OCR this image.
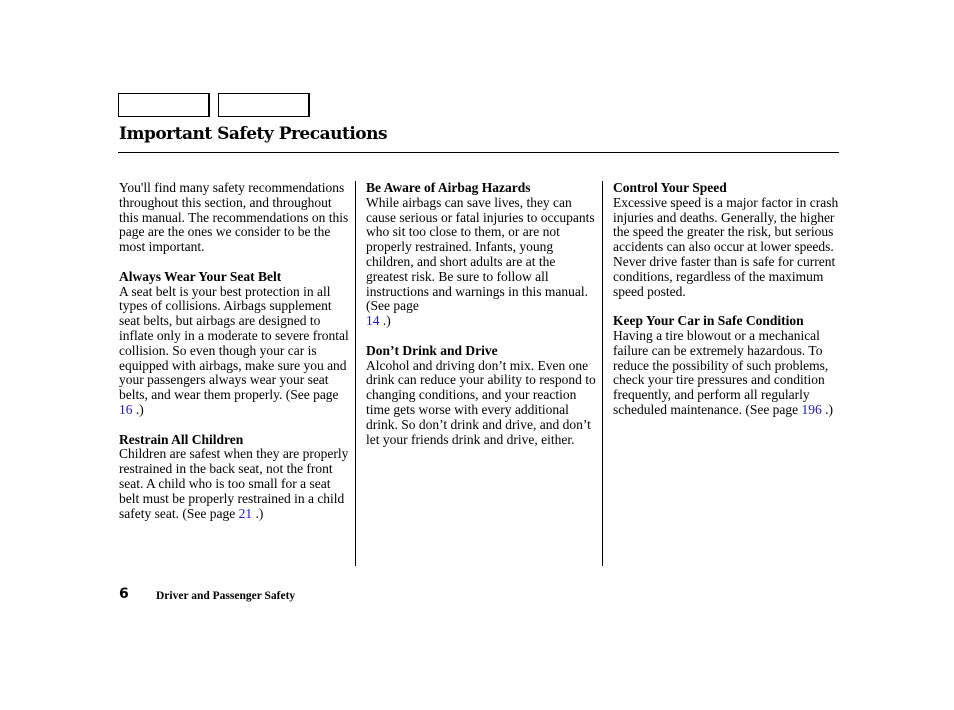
Important Safety Precautions

You'll find many safety recommendations throughout this section, and throughout this manual. The recommendations on this page are the ones we consider to be the most important.

Always Wear Your Seat Belt

A seat belt is your best protection in all types of collisions. Airbags supplement seat belts, but airbags are designed to inflate only in a moderate to severe frontal collision. So even though your car is equipped with airbags, make sure you and your passengers always wear your seat belts, and wear them properly. (See page 16 .)

Restrain All Children

Children are safest when they are properly restrained in the back seat, not the front seat. A child who is too small for a seat belt must be properly restrained in a child safety seat. (See page 21 .)

Be Aware of Airbag Hazards

While airbags can save lives, they can cause serious or fatal injuries to occupants who sit too close to them, or are not properly restrained. Infants, young children, and short adults are at the greatest risk. Be sure to follow all instructions and warnings in this manual. (See page
14 .)

Don’t Drink and Drive

Alcohol and driving don’t mix. Even one drink can reduce your ability to respond to changing conditions, and your reaction time gets worse with every additional drink. So don’t drink and drive, and don’t let your friends drink and drive, either.

Control Your Speed

Excessive speed is a major factor in crash injuries and deaths. Generally, the higher the speed the greater the risk, but serious accidents can also occur at lower speeds. Never drive faster than is safe for current conditions, regardless of the maximum speed posted.

Keep Your Car in Safe Condition

Having a tire blowout or a mechanical failure can be extremely hazardous. To reduce the possibility of such problems, check your tire pressures and condition frequently, and perform all regularly scheduled maintenance. (See page 196 .)

6 Driver and Passenger Safety
